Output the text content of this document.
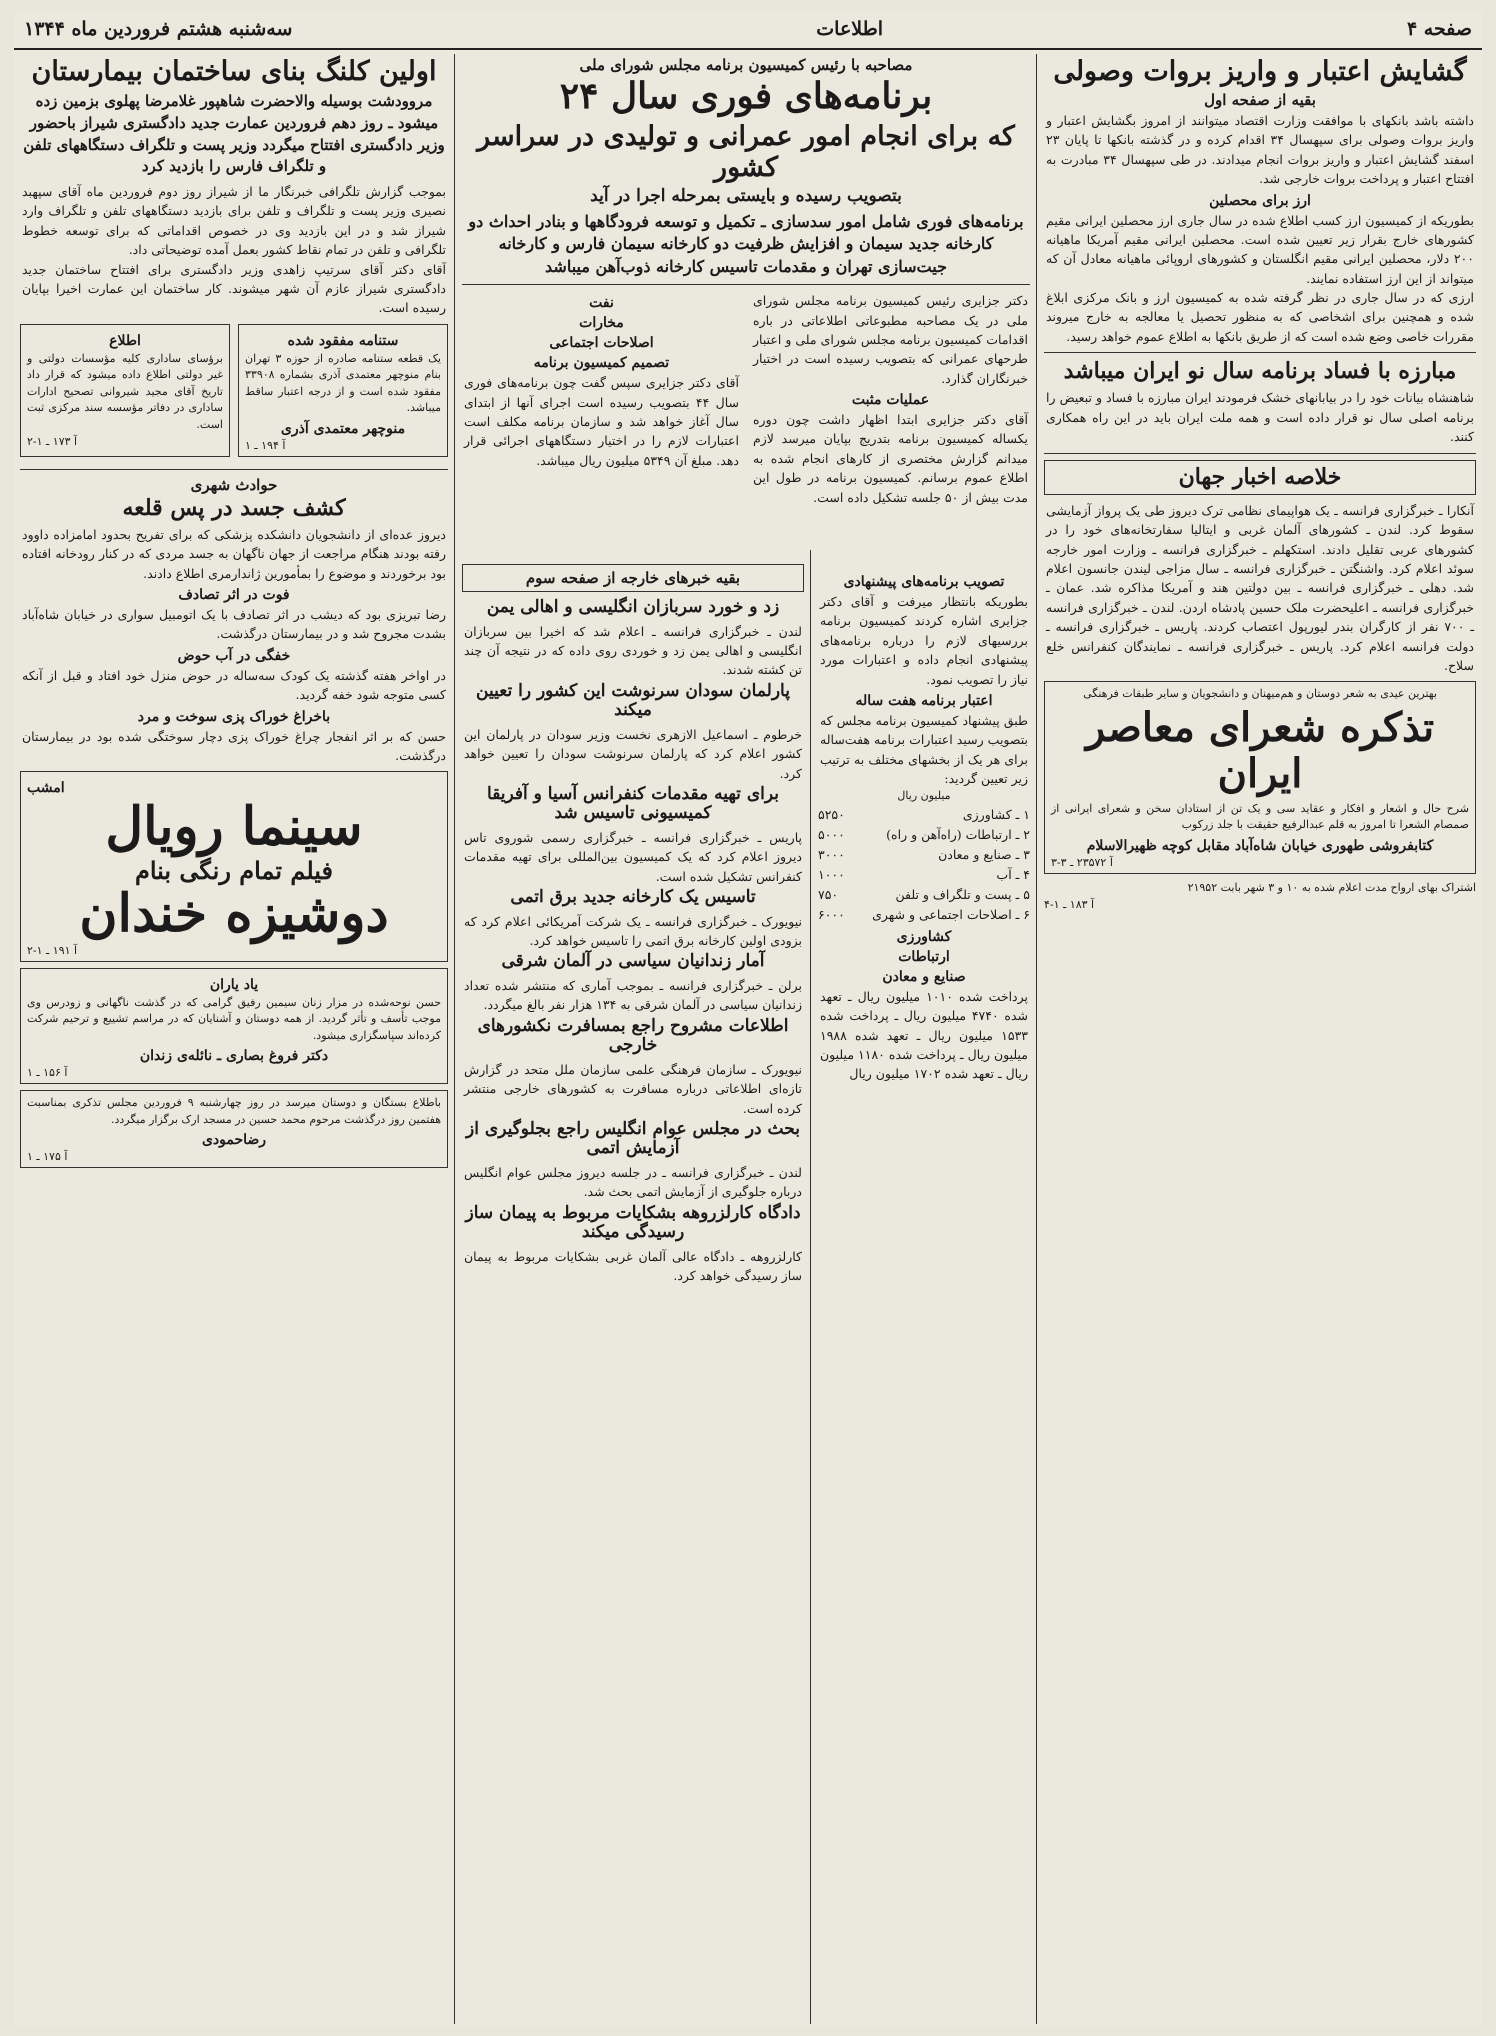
صفحه ۴
اطلاعات
سه‌شنبه هشتم فروردین ماه ۱۳۴۴
گشایش اعتبار و واریز بروات وصولی
بقیه از صفحه اول
داشته باشد بانکهای با موافقت وزارت اقتصاد میتوانند از امروز بگشایش اعتبار و واریز بروات وصولی برای سپهسال ۳۴ اقدام کرده و در گذشته بانکها تا پایان ۲۳ اسفند گشایش اعتبار و واریز بروات انجام میدادند. در طی سپهسال ۳۴ مبادرت به افتتاح اعتبار و پرداخت بروات خارجی شد.
ارز برای محصلین
بطوریکه از کمیسیون ارز کسب اطلاع شده در سال جاری ارز محصلین ایرانی مقیم کشورهای خارج بقرار زیر تعیین شده است. محصلین ایرانی مقیم آمریکا ماهیانه ۲۰۰ دلار، محصلین ایرانی مقیم انگلستان و کشورهای اروپائی ماهیانه معادل آن که میتواند از این ارز استفاده نمایند.
ارزی که در سال جاری در نظر گرفته شده به کمیسیون ارز و بانک مرکزی ابلاغ شده و همچنین برای اشخاصی که به منظور تحصیل یا معالجه به خارج میروند مقررات خاصی وضع شده است که از طریق بانکها به اطلاع عموم خواهد رسید.
مبارزه با فساد برنامه سال نو ایران میباشد
شاهنشاه بیانات خود را در بیابانهای خشک فرمودند ایران مبارزه با فساد و تبعیض را برنامه اصلی سال نو قرار داده است و همه ملت ایران باید در این راه همکاری کنند.
خلاصه اخبار جهان
آنکارا ـ خبرگزاری فرانسه ـ یک هواپیمای نظامی ترک دیروز طی یک پرواز آزمایشی سقوط کرد. لندن ـ کشورهای آلمان غربی و ایتالیا سفارتخانه‌های خود را در کشورهای عربی تقلیل دادند. استکهلم ـ خبرگزاری فرانسه ـ وزارت امور خارجه سوئد اعلام کرد. واشنگتن ـ خبرگزاری فرانسه ـ سال مزاجی لیندن جانسون اعلام شد. دهلی ـ خبرگزاری فرانسه ـ بین دولتین هند و آمریکا مذاکره شد. عمان ـ خبرگزاری فرانسه ـ اعلیحضرت ملک حسین پادشاه اردن. لندن ـ خبرگزاری فرانسه ـ ۷۰۰ نفر از کارگران بندر لیورپول اعتصاب کردند. پاریس ـ خبرگزاری فرانسه ـ دولت فرانسه اعلام کرد. پاریس ـ خبرگزاری فرانسه ـ نمایندگان کنفرانس خلع سلاح.
بهترین عیدی به شعر دوستان و هم‌میهنان و دانشجویان و سایر طبقات فرهنگی
تذکره شعرای معاصر ایران
شرح حال و اشعار و افکار و عقاید سی و یک تن از استادان سخن و شعرای ایرانی از صمصام الشعرا تا امروز به قلم عبدالرفیع حقیقت با جلد زرکوب
کتابفروشی طهوری خیابان شاه‌آباد مقابل کوچه ظهیرالاسلام
آ ۲۳۵۷۲ ـ ۳-۳
اشتراک بهای ارواح مدت اعلام شده به ۱۰ و ۳ شهر بابت ۲۱۹۵۲
آ ۱۸۳ ـ ۱-۴
مصاحبه با رئیس کمیسیون برنامه مجلس شورای ملی
برنامه‌های فوری سال ۲۴
که برای انجام امور عمرانی و تولیدی در سراسر کشور
بتصویب رسیده و بایستی بمرحله اجرا در آید
برنامه‌های فوری شامل امور سدسازی ـ تکمیل و توسعه فرودگاهها و بنادر احداث دو کارخانه جدید سیمان و افزایش ظرفیت دو کارخانه سیمان فارس و کارخانه جیت‌سازی تهران و مقدمات تاسیس کارخانه ذوب‌آهن میباشد
دکتر جزایری رئیس کمیسیون برنامه مجلس شورای ملی در یک مصاحبه مطبوعاتی اطلاعاتی در باره اقدامات کمیسیون برنامه مجلس شورای ملی و اعتبار طرحهای عمرانی که بتصویب رسیده است در اختیار خبرنگاران گذارد.
عملیات مثبت
آقای دکتر جزایری ابتدا اظهار داشت چون دوره یکساله کمیسیون برنامه بتدریج بپایان میرسد لازم میدانم گزارش مختصری از کارهای انجام شده به اطلاع عموم برسانم. کمیسیون برنامه در طول این مدت بیش از ۵۰ جلسه تشکیل داده است.
نفت
مخارات
اصلاحات اجتماعی
تصمیم کمیسیون برنامه
آقای دکتر جزایری سپس گفت چون برنامه‌های فوری سال ۴۴ بتصویب رسیده است اجرای آنها از ابتدای سال آغاز خواهد شد و سازمان برنامه مکلف است اعتبارات لازم را در اختیار دستگاههای اجرائی قرار دهد. مبلغ آن ۵۳۴۹ میلیون ریال میباشد.
تصویب برنامه‌های پیشنهادی
بطوریکه بانتظار میرفت و آقای دکتر جزایری اشاره کردند کمیسیون برنامه بررسیهای لازم را درباره برنامه‌های پیشنهادی انجام داده و اعتبارات مورد نیاز را تصویب نمود.
اعتبار برنامه هفت ساله
طبق پیشنهاد کمیسیون برنامه مجلس که بتصویب رسید اعتبارات برنامه هفت‌ساله برای هر یک از بخشهای مختلف به ترتیب زیر تعیین گردید:
میلیون ریال
۱ ـ کشاورزی
۵۲۵۰
۲ ـ ارتباطات (راه‌آهن و راه)
۵۰۰۰
۳ ـ صنایع و معادن
۳۰۰۰
۴ ـ آب
۱۰۰۰
۵ ـ پست و تلگراف و تلفن
۷۵۰
۶ ـ اصلاحات اجتماعی و شهری
۶۰۰۰
کشاورزی
ارتباطات
صنایع و معادن
پرداخت شده ۱۰۱۰ میلیون ریال ـ تعهد شده ۴۷۴۰ میلیون ریال ـ پرداخت شده ۱۵۳۳ میلیون ریال ـ تعهد شده ۱۹۸۸ میلیون ریال ـ پرداخت شده ۱۱۸۰ میلیون ریال ـ تعهد شده ۱۷۰۲ میلیون ریال
بقیه خبرهای خارجه از صفحه سوم
زد و خورد سربازان انگلیسی و اهالی یمن
لندن ـ خبرگزاری فرانسه ـ اعلام شد که اخیرا بین سربازان انگلیسی و اهالی یمن زد و خوردی روی داده که در نتیجه آن چند تن کشته شدند.
پارلمان سودان سرنوشت این کشور را تعیین میکند
خرطوم ـ اسماعیل الازهری نخست وزیر سودان در پارلمان این کشور اعلام کرد که پارلمان سرنوشت سودان را تعیین خواهد کرد.
برای تهیه مقدمات کنفرانس آسیا و آفریقا کمیسیونی تاسیس شد
پاریس ـ خبرگزاری فرانسه ـ خبرگزاری رسمی شوروی تاس دیروز اعلام کرد که یک کمیسیون بین‌المللی برای تهیه مقدمات کنفرانس تشکیل شده است.
تاسیس یک کارخانه جدید برق اتمی
نیویورک ـ خبرگزاری فرانسه ـ یک شرکت آمریکائی اعلام کرد که بزودی اولین کارخانه برق اتمی را تاسیس خواهد کرد.
آمار زندانیان سیاسی در آلمان شرقی
برلن ـ خبرگزاری فرانسه ـ بموجب آماری که منتشر شده تعداد زندانیان سیاسی در آلمان شرقی به ۱۳۴ هزار نفر بالغ میگردد.
اطلاعات مشروح راجع بمسافرت نکشورهای خارجی
نیویورک ـ سازمان فرهنگی علمی سازمان ملل متحد در گزارش تازه‌ای اطلاعاتی درباره مسافرت به کشورهای خارجی منتشر کرده است.
بحث در مجلس عوام انگلیس راجع بجلوگیری از آزمایش اتمی
لندن ـ خبرگزاری فرانسه ـ در جلسه دیروز مجلس عوام انگلیس درباره جلوگیری از آزمایش اتمی بحث شد.
دادگاه کارلزروهه بشکایات مربوط به پیمان ساز رسیدگی میکند
کارلزروهه ـ دادگاه عالی آلمان غربی بشکایات مربوط به پیمان ساز رسیدگی خواهد کرد.
اولین کلنگ بنای ساختمان بیمارستان
مروودشت بوسیله والاحضرت شاهپور غلامرضا پهلوی بزمین زده میشود ـ روز دهم فروردین عمارت جدید دادگستری شیراز باحضور وزیر دادگستری افتتاح میگردد وزیر پست و تلگراف دستگاههای تلفن و تلگراف فارس را بازدید کرد
بموجب گزارش تلگرافی خبرنگار ما از شیراز روز دوم فروردین ماه آقای سپهبد نصیری وزیر پست و تلگراف و تلفن برای بازدید دستگاههای تلفن و تلگراف وارد شیراز شد و در این بازدید وی در خصوص اقداماتی که برای توسعه خطوط تلگرافی و تلفن در تمام نقاط کشور بعمل آمده توضیحاتی داد.
آقای دکتر آقای سرتیپ زاهدی وزیر دادگستری برای افتتاح ساختمان جدید دادگستری شیراز عازم آن شهر میشوند. کار ساختمان این عمارت اخیرا بپایان رسیده است.
ستنامه مفقود شده
یک قطعه ستنامه صادره از حوزه ۳ تهران بنام منوچهر معتمدی آذری بشماره ۳۳۹۰۸ مفقود شده است و از درجه اعتبار ساقط میباشد.
منوچهر معتمدی آذری
آ ۱۹۴ ـ ۱
اطلاع
برؤسای ساداری کلیه مؤسسات دولتی و غیر دولتی اطلاع داده میشود که قرار داد تاریخ آقای مجید شیروانی تصحیح ادارات ساداری در دفاتر مؤسسه سند مرکزی ثبت است.
آ ۱۷۳ ـ ۱-۲
حوادث شهری
کشف جسد در پس قلعه
دیروز عده‌ای از دانشجویان دانشکده پزشکی که برای تفریح بحدود امامزاده داوود رفته بودند هنگام مراجعت از جهان ناگهان به جسد مردی که در کنار رودخانه افتاده بود برخوردند و موضوع را بمأمورین ژاندارمری اطلاع دادند.
فوت در اثر تصادف
رضا تبریزی بود که دیشب در اثر تصادف با یک اتومبیل سواری در خیابان شاه‌آباد بشدت مجروح شد و در بیمارستان درگذشت.
خفگی در آب حوض
در اواخر هفته گذشته یک کودک سه‌ساله در حوض منزل خود افتاد و قبل از آنکه کسی متوجه شود خفه گردید.
باخراغ خوراک پزی سوخت و مرد
حسن که بر اثر انفجار چراغ خوراک پزی دچار سوختگی شده بود در بیمارستان درگذشت.
امشب
سینما رویال
فیلم تمام رنگی بنام
دوشیزه خندان
آ ۱۹۱ ـ ۱-۲
یاد یاران
حسن نوحه‌شده در مزار زنان سیمین رفیق گرامی که در گذشت ناگهانی و زودرس وی موجب تأسف و تأثر گردید. از همه دوستان و آشنایان که در مراسم تشییع و ترحیم شرکت کرده‌اند سپاسگزاری میشود.
دکتر فروغ بصاری ـ نائله‌ی زندان
آ ۱۵۶ ـ ۱
باطلاع بستگان و دوستان میرسد در روز چهارشنبه ۹ فروردین مجلس تذکری بمناسبت هفتمین روز درگذشت مرحوم محمد حسین در مسجد ارک برگزار میگردد.
رضاحمودی
آ ۱۷۵ ـ ۱
